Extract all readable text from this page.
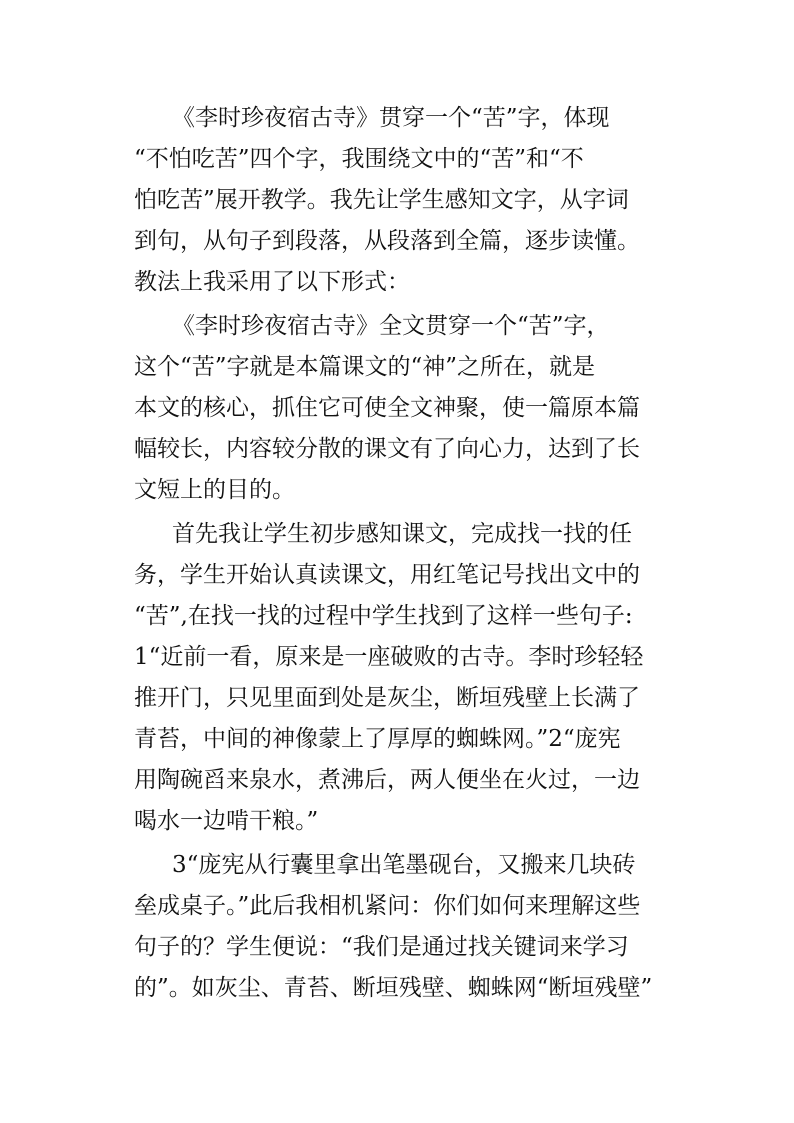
《李时珍夜宿古寺》贯穿一个“苦”字，体现
“不怕吃苦”四个字，我围绕文中的“苦”和“不
怕吃苦”展开教学。我先让学生感知文字，从字词
到句，从句子到段落，从段落到全篇，逐步读懂。
教法上我采用了以下形式：
《李时珍夜宿古寺》全文贯穿一个“苦”字，
这个“苦”字就是本篇课文的“神”之所在，就是
本文的核心，抓住它可使全文神聚，使一篇原本篇
幅较长，内容较分散的课文有了向心力，达到了长
文短上的目的。
首先我让学生初步感知课文，完成找一找的任
务，学生开始认真读课文，用红笔记号找出文中的
“苦”,在找一找的过程中学生找到了这样一些句子:
1“近前一看，原来是一座破败的古寺。李时珍轻轻
推开门，只见里面到处是灰尘，断垣残壁上长满了
青苔，中间的神像蒙上了厚厚的蜘蛛网。”2“庞宪
用陶碗舀来泉水，煮沸后，两人便坐在火过，一边
喝水一边啃干粮。”
3“庞宪从行囊里拿出笔墨砚台，又搬来几块砖
垒成桌子。”此后我相机紧问：你们如何来理解这些
句子的？学生便说：“我们是通过找关键词来学习
的”。如灰尘、青苔、断垣残壁、蜘蛛网“断垣残壁”
